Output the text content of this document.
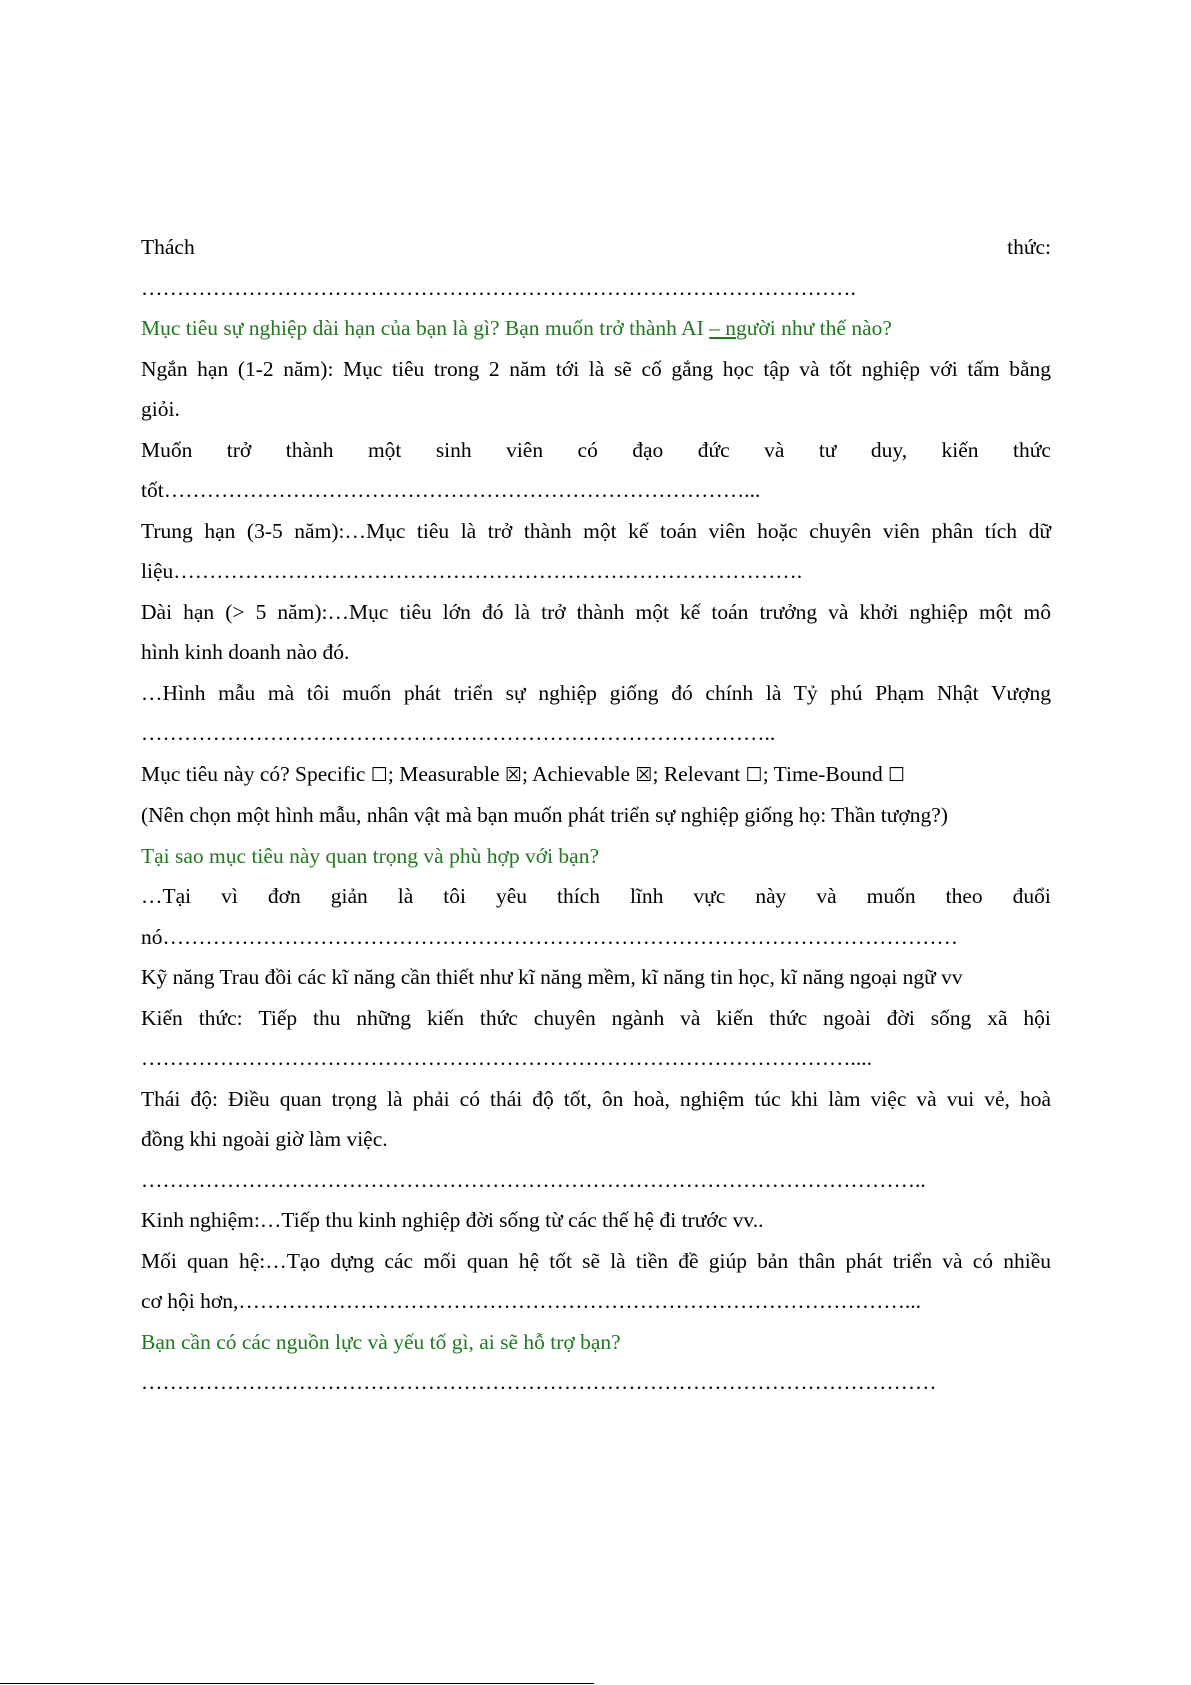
Thách	thức:
……………………………………………………………………………………….
Mục tiêu sự nghiệp dài hạn của bạn là gì? Bạn muốn trở thành AI – người như thế nào?
Ngắn hạn (1-2 năm): Mục tiêu trong 2 năm tới là sẽ cố gắng học tập và tốt nghiệp với tấm bằng
giỏi.
Muốn trở thành một sinh viên có đạo đức và tư duy, kiến thức
tốt………………………………………………………………………...
Trung hạn (3-5 năm):…Mục tiêu là trở thành một kế toán viên hoặc chuyên viên phân tích dữ
liệu…………………………………………………………………………….
Dài hạn (> 5 năm):…Mục tiêu lớn đó là trở thành một kế toán trưởng và khởi nghiệp một mô
hình kinh doanh nào đó.
…Hình mẫu mà tôi muốn phát triển sự nghiệp giống đó chính là Tỷ phú Phạm Nhật Vượng
……………………………………………………………………………..
Mục tiêu này có? Specific ☐; Measurable ☒; Achievable ☒; Relevant ☐; Time-Bound ☐
(Nên chọn một hình mẫu, nhân vật mà bạn muốn phát triển sự nghiệp giống họ: Thần tượng?)
Tại sao mục tiêu này quan trọng và phù hợp với bạn?
…Tại vì đơn giản là tôi yêu thích lĩnh vực này và muốn theo đuổi
nó…………………………………………………………………………………………………
Kỹ năng Trau đồi các kĩ năng cần thiết như kĩ năng mềm, kĩ năng tin học, kĩ năng ngoại ngữ vv
Kiến thức: Tiếp thu những kiến thức chuyên ngành và kiến thức ngoài đời sống xã hội
………………………………………………………………………………………....
Thái độ: Điều quan trọng là phải có thái độ tốt, ôn hoà, nghiệm túc khi làm việc và vui vẻ, hoà
đồng khi ngoài giờ làm việc.
………………………………………………………………………………………………..
Kinh nghiệm:…Tiếp thu kinh nghiệp đời sống từ các thế hệ đi trước vv..
Mối quan hệ:…Tạo dựng các mối quan hệ tốt sẽ là tiền đề giúp bản thân phát triển và có nhiều
cơ hội hơn,…………………………………………………………………………………...
Bạn cần có các nguồn lực và yếu tố gì, ai sẽ hỗ trợ bạn?
…………………………………………………………………………………………………
